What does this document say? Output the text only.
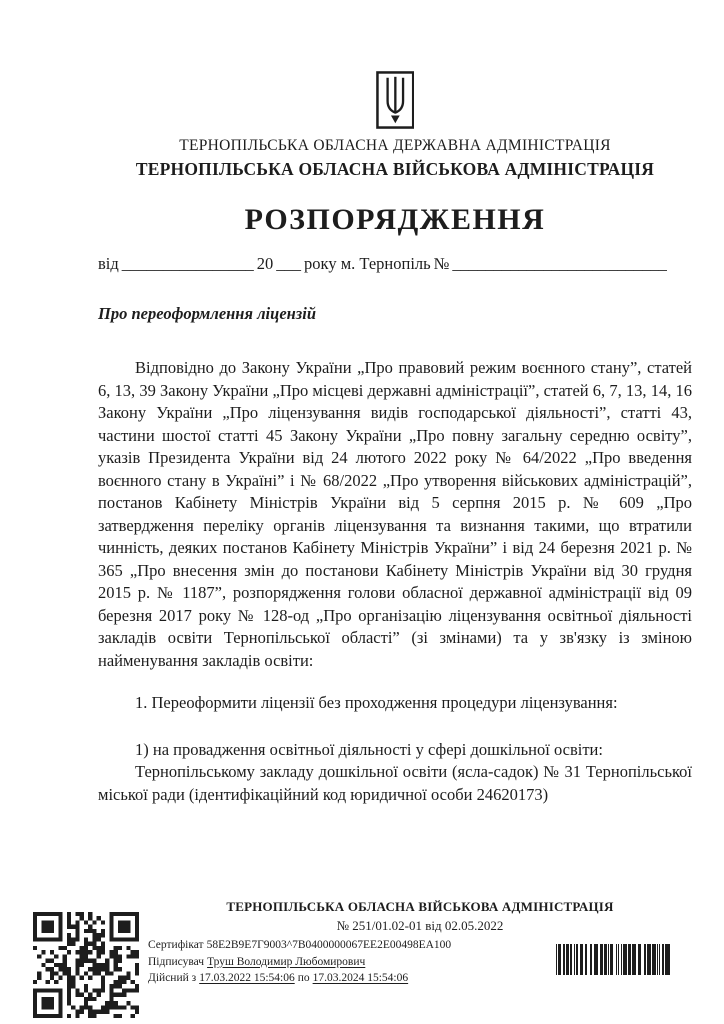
ТЕРНОПІЛЬСЬКА ОБЛАСНА ДЕРЖАВНА АДМІНІСТРАЦІЯ
ТЕРНОПІЛЬСЬКА ОБЛАСНА ВІЙСЬКОВА АДМІНІСТРАЦІЯ
РОЗПОРЯДЖЕННЯ
від ________________ 20 ___ року м. Тернопіль № __________________________
Про переоформлення ліцензій

Відповідно до Закону України „Про правовий режим воєнного стану”, статей 6, 13, 39 Закону України „Про місцеві державні адміністрації”, статей 6, 7, 13, 14, 16 Закону України „Про ліцензування видів господарської діяльності”, статті 43, частини шостої статті 45 Закону України „Про повну загальну середню освіту”, указів Президента України від 24 лютого 2022 року № 64/2022 „Про введення воєнного стану в Україні” і № 68/2022 „Про утворення військових адміністрацій”, постанов Кабінету Міністрів України від 5 серпня 2015 р. № 609 „Про затвердження переліку органів ліцензування та визнання такими, що втратили чинність, деяких постанов Кабінету Міністрів України” і від 24 березня 2021 р. № 365 „Про внесення змін до постанови Кабінету Міністрів України від 30 грудня 2015 р. № 1187”, розпорядження голови обласної державної адміністрації від 09 березня 2017 року № 128-од „Про організацію ліцензування освітньої діяльності закладів освіти Тернопільської області” (зі змінами) та у зв'язку із зміною найменування закладів освіти:

1. Переоформити ліцензії без проходження процедури ліцензування:

1) на провадження освітньої діяльності у сфері дошкільної освіти:

Тернопільському закладу дошкільної освіти (ясла-садок) № 31 Тернопільської міської ради (ідентифікаційний код юридичної особи 24620173)

ТЕРНОПІЛЬСЬКА ОБЛАСНА ВІЙСЬКОВА АДМІНІСТРАЦІЯ
№ 251/01.02-01 від 02.05.2022
Сертифікат 58E2B9E7Г9003^7B0400000067EE2E00498EA100
Підписувач Труш Володимир Любомирович
Дійсний з 17.03.2022 15:54:06 по 17.03.2024 15:54:06
